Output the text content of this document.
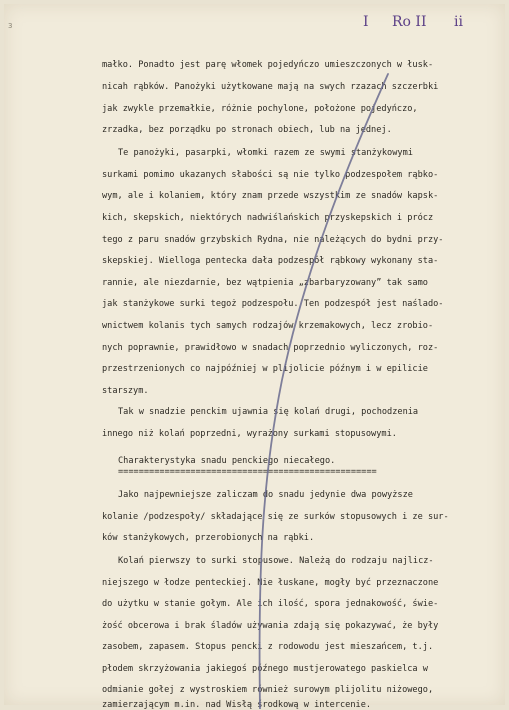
3	I Ro II ii
małko. Ponadto jest parę włomek pojedyńczo umieszczonych w łusk-
nicah rąbków. Panożyki użytkowane mają na swych rzazach szczerbki
jak zwykle przemałkie, różnie pochylone, położone pojedyńczo,
zrzadka, bez porządku po stronach obiech, lub na jednej.
Te panożyki, pasarpki, włomki razem ze swymi stanżykowymi
surkami pomimo ukazanych słabości są nie tylko podzespołem rąbko-
wym, ale i kolaniem, który znam przede wszystkim ze snadów kapsk-
kich, skepskich, niektórych nadwiślańskich przyskepskich i prócz
tego z paru snadów grzybskich Rydna, nie należących do bydni przy-
skepskiej. Wielloga pentecka dała podzespół rąbkowy wykonany sta-
rannie, ale niezdarnie, bez wątpienia „zbarbaryzowany” tak samo
jak stanżykowe surki tegoż podzespołu. Ten podzespół jest naślado-
wnictwem kolanis tych samych rodzajów krzemakowych, lecz zrobio-
nych poprawnie, prawidłowo w snadach poprzednio wyliczonych, roz-
przestrzenionych co najpóźniej w plijolicie późnym i w epilicie
starszym.
Tak w snadzie penckim ujawnia się kolań drugi, pochodzenia
innego niż kolań poprzedni, wyrażony surkami stopusowymi.
Charakterystyka snadu penckiego niecałego.
==================================================
Jako najpewniejsze zaliczam do snadu jedynie dwa powyższe
kolanie /podzespoły/ składające się ze surków stopusowych i ze sur-
ków stanżykowych, przerobionych na rąbki.
Kolań pierwszy to surki stopusowe. Należą do rodzaju najlicz-
niejszego w łodze penteckiej. Nie łuskane, mogły być przeznaczone
do użytku w stanie gołym. Ale ich ilość, spora jednakowość, świe-
żość obcerowa i brak śladów używania zdają się pokazywać, że były
zasobem, zapasem. Stopus pencki z rodowodu jest mieszańcem, t.j.
płodem skrzyżowania jakiegoś późnego mustjerowatego paskielca w
odmianie gołej z wystroskiem również surowym plijolitu niżowego,
zamierzającym m.in. nad Wisłą środkową w intercenie.
